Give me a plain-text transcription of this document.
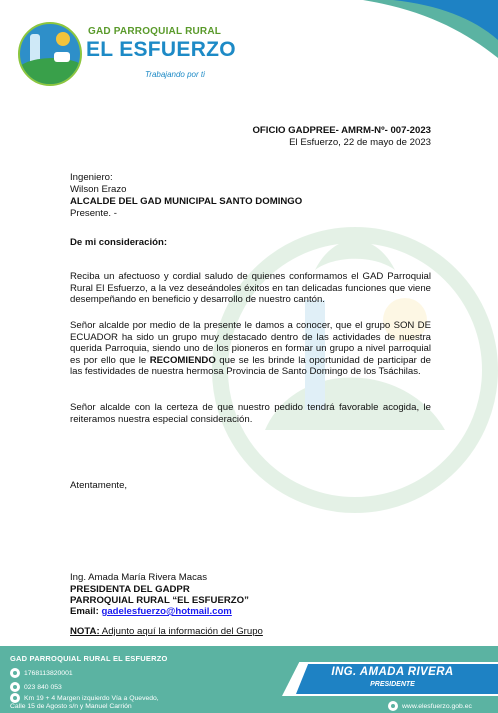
GAD PARROQUIAL RURAL
EL ESFUERZO
Trabajando por ti
OFICIO GADPREE- AMRM-Nº- 007-2023
El Esfuerzo, 22 de mayo de 2023
Ingeniero:
Wilson Erazo
ALCALDE DEL GAD MUNICIPAL SANTO DOMINGO
Presente. -
De mi consideración:
Reciba un afectuoso y cordial saludo de quienes conformamos el GAD Parroquial Rural El Esfuerzo, a la vez deseándoles éxitos en tan delicadas funciones que viene desempeñando en beneficio y desarrollo de nuestro cantón.
Señor alcalde por medio de la presente le damos a conocer, que el grupo SON DE ECUADOR ha sido un grupo muy destacado dentro de las actividades de nuestra querida Parroquia, siendo uno de los pioneros en formar un grupo a nivel parroquial es por ello que le RECOMIENDO que se les brinde la oportunidad de participar de las festividades de nuestra hermosa Provincia de Santo Domingo de los Tsáchilas.
Señor alcalde con la certeza de que nuestro pedido tendrá favorable acogida, le reiteramos nuestra especial consideración.
Atentamente,
Ing. Amada María Rivera Macas
PRESIDENTA DEL GADPR
PARROQUIAL RURAL “EL ESFUERZO”
Email: gadelesfuerzo@hotmail.com
NOTA: Adjunto aquí la información del Grupo
ING. AMADA RIVERA
PRESIDENTE
GAD PARROQUIAL RURAL EL ESFUERZO
1768113820001
023 840 053
Km 19 + 4 Margen izquierdo Vía a Quevedo,
Calle 15 de Agosto s/n y Manuel Carrión	www.elesfuerzo.gob.ec
